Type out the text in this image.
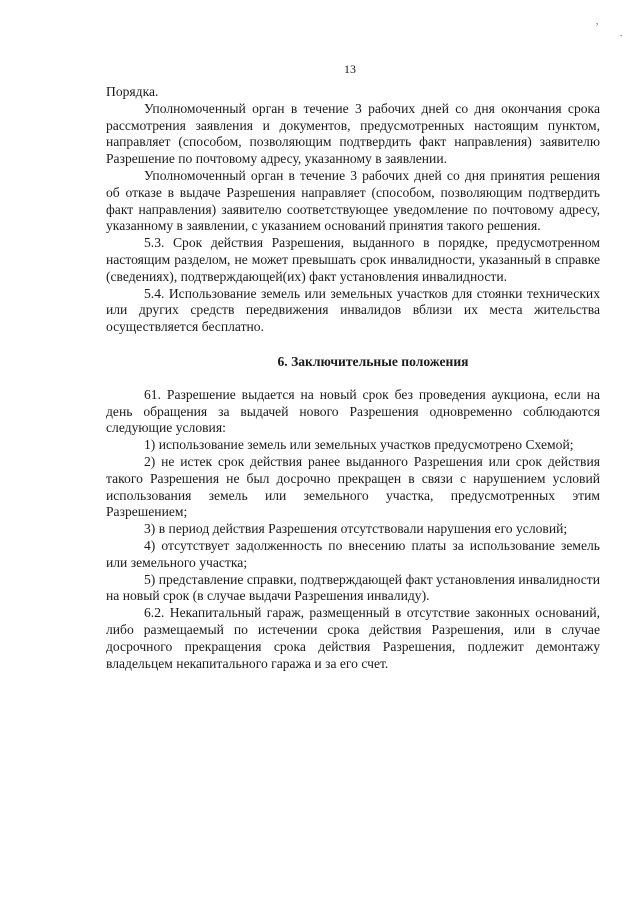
,
.
13

Порядка.

Уполномоченный орган в течение 3 рабочих дней со дня окончания срока рассмотрения заявления и документов, предусмотренных настоящим пунктом, направляет (способом, позволяющим подтвердить факт направления) заявителю Разрешение по почтовому адресу, указанному в заявлении.

Уполномоченный орган в течение 3 рабочих дней со дня принятия решения об отказе в выдаче Разрешения направляет (способом, позволяющим подтвердить факт направления) заявителю соответствующее уведомление по почтовому адресу, указанному в заявлении, с указанием оснований принятия такого решения.

5.3. Срок действия Разрешения, выданного в порядке, предусмотренном настоящим разделом, не может превышать срок инвалидности, указанный в справке (сведениях), подтверждающей(их) факт установления инвалидности.

5.4. Использование земель или земельных участков для стоянки технических или других средств передвижения инвалидов вблизи их места жительства осуществляется бесплатно.

6. Заключительные положения

61. Разрешение выдается на новый срок без проведения аукциона, если на день обращения за выдачей нового Разрешения одновременно соблюдаются следующие условия:

1) использование земель или земельных участков предусмотрено Схемой;

2) не истек срок действия ранее выданного Разрешения или срок действия такого Разрешения не был досрочно прекращен в связи с нарушением условий использования земель или земельного участка, предусмотренных этим Разрешением;

3) в период действия Разрешения отсутствовали нарушения его условий;

4) отсутствует задолженность по внесению платы за использование земель или земельного участка;

5) представление справки, подтверждающей факт установления инвалидности на новый срок (в случае выдачи Разрешения инвалиду).

6.2. Некапитальный гараж, размещенный в отсутствие законных оснований, либо размещаемый по истечении срока действия Разрешения, или в случае досрочного прекращения срока действия Разрешения, подлежит демонтажу владельцем некапитального гаража и за его счет.
